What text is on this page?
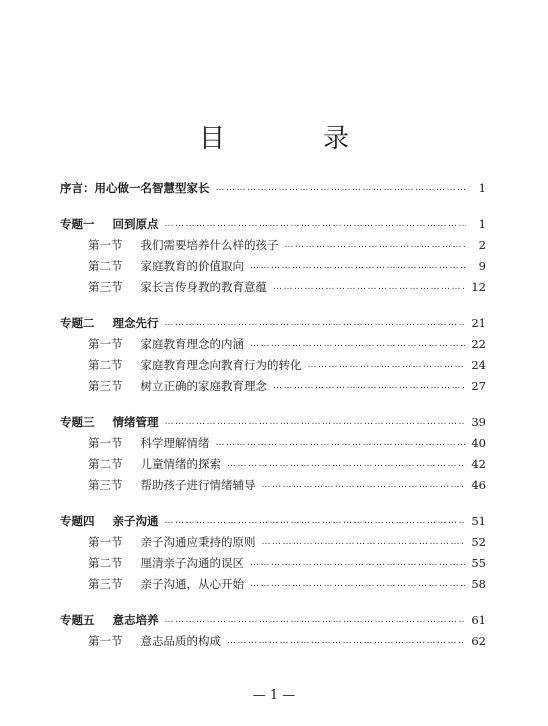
目　录
序言：用心做一名智慧型家长 …………………………………………………………………………………………………………………………………………………………………………………………	1
专题一 回到原点 …………………………………………………………………………………………………………………………………………………………………………………………	1
第一节 我们需要培养什么样的孩子 …………………………………………………………………………………………………………………………………………………………………………………………	2
第二节 家庭教育的价值取向 …………………………………………………………………………………………………………………………………………………………………………………………	9
第三节 家长言传身教的教育意蕴 …………………………………………………………………………………………………………………………………………………………………………………………	12
专题二 理念先行 …………………………………………………………………………………………………………………………………………………………………………………………	21
第一节 家庭教育理念的内涵 …………………………………………………………………………………………………………………………………………………………………………………………	22
第二节 家庭教育理念向教育行为的转化 …………………………………………………………………………………………………………………………………………………………………………………………	24
第三节 树立正确的家庭教育理念 …………………………………………………………………………………………………………………………………………………………………………………………	27
专题三 情绪管理 …………………………………………………………………………………………………………………………………………………………………………………………	39
第一节 科学理解情绪 …………………………………………………………………………………………………………………………………………………………………………………………	40
第二节 儿童情绪的探索 …………………………………………………………………………………………………………………………………………………………………………………………	42
第三节 帮助孩子进行情绪辅导 …………………………………………………………………………………………………………………………………………………………………………………………	46
专题四 亲子沟通 …………………………………………………………………………………………………………………………………………………………………………………………	51
第一节 亲子沟通应秉持的原则 …………………………………………………………………………………………………………………………………………………………………………………………	52
第二节 厘清亲子沟通的误区 …………………………………………………………………………………………………………………………………………………………………………………………	55
第三节 亲子沟通，从心开始 …………………………………………………………………………………………………………………………………………………………………………………………	58
专题五 意志培养 …………………………………………………………………………………………………………………………………………………………………………………………	61
第一节 意志品质的构成 …………………………………………………………………………………………………………………………………………………………………………………………	62
— 1 —
